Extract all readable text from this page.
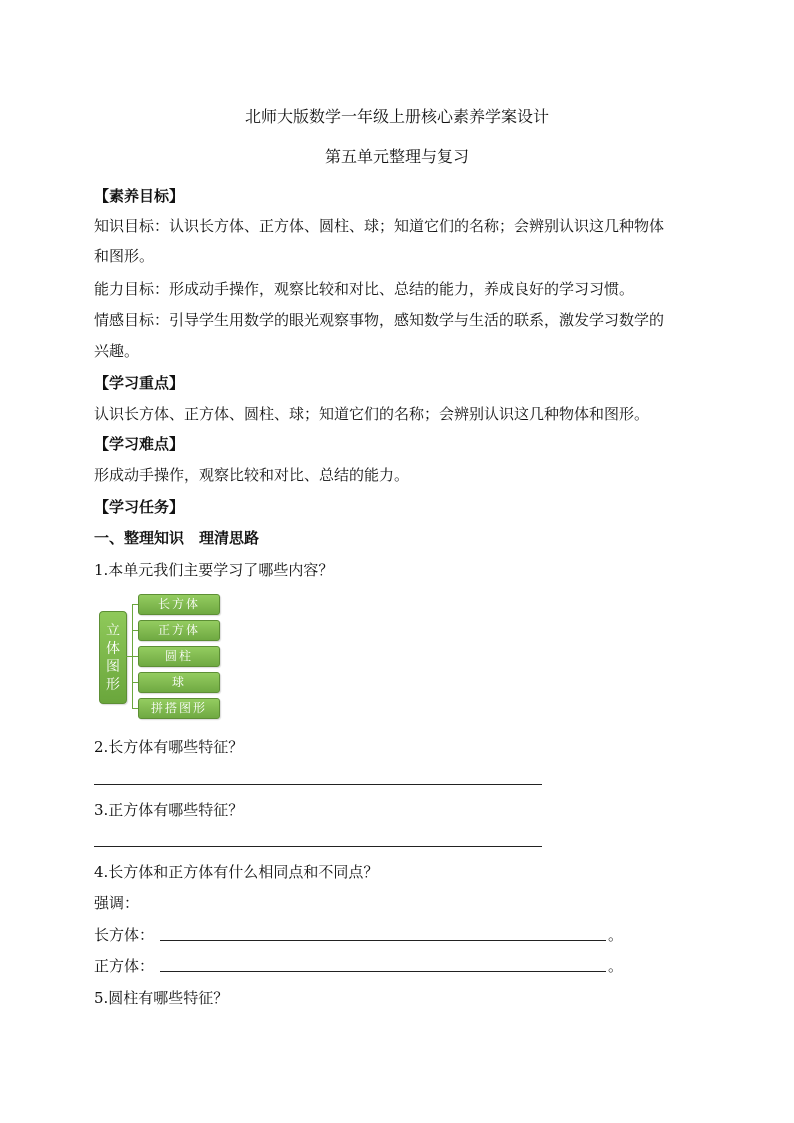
北师大版数学一年级上册核心素养学案设计
第五单元整理与复习
【素养目标】
知识目标：认识长方体、正方体、圆柱、球；知道它们的名称；会辨别认识这几种物体
和图形。
能力目标：形成动手操作，观察比较和对比、总结的能力，养成良好的学习习惯。
情感目标：引导学生用数学的眼光观察事物，感知数学与生活的联系，激发学习数学的
兴趣。
【学习重点】
认识长方体、正方体、圆柱、球；知道它们的名称；会辨别认识这几种物体和图形。
【学习难点】
形成动手操作，观察比较和对比、总结的能力。
【学习任务】
一、整理知识　理清思路
1.本单元我们主要学习了哪些内容？
立
体
图
形
长方体
正方体
圆柱
球
拼搭图形
2.长方体有哪些特征？
3.正方体有哪些特征？
4.长方体和正方体有什么相同点和不同点？
强调：
长方体：	。
正方体：	。
5.圆柱有哪些特征？
